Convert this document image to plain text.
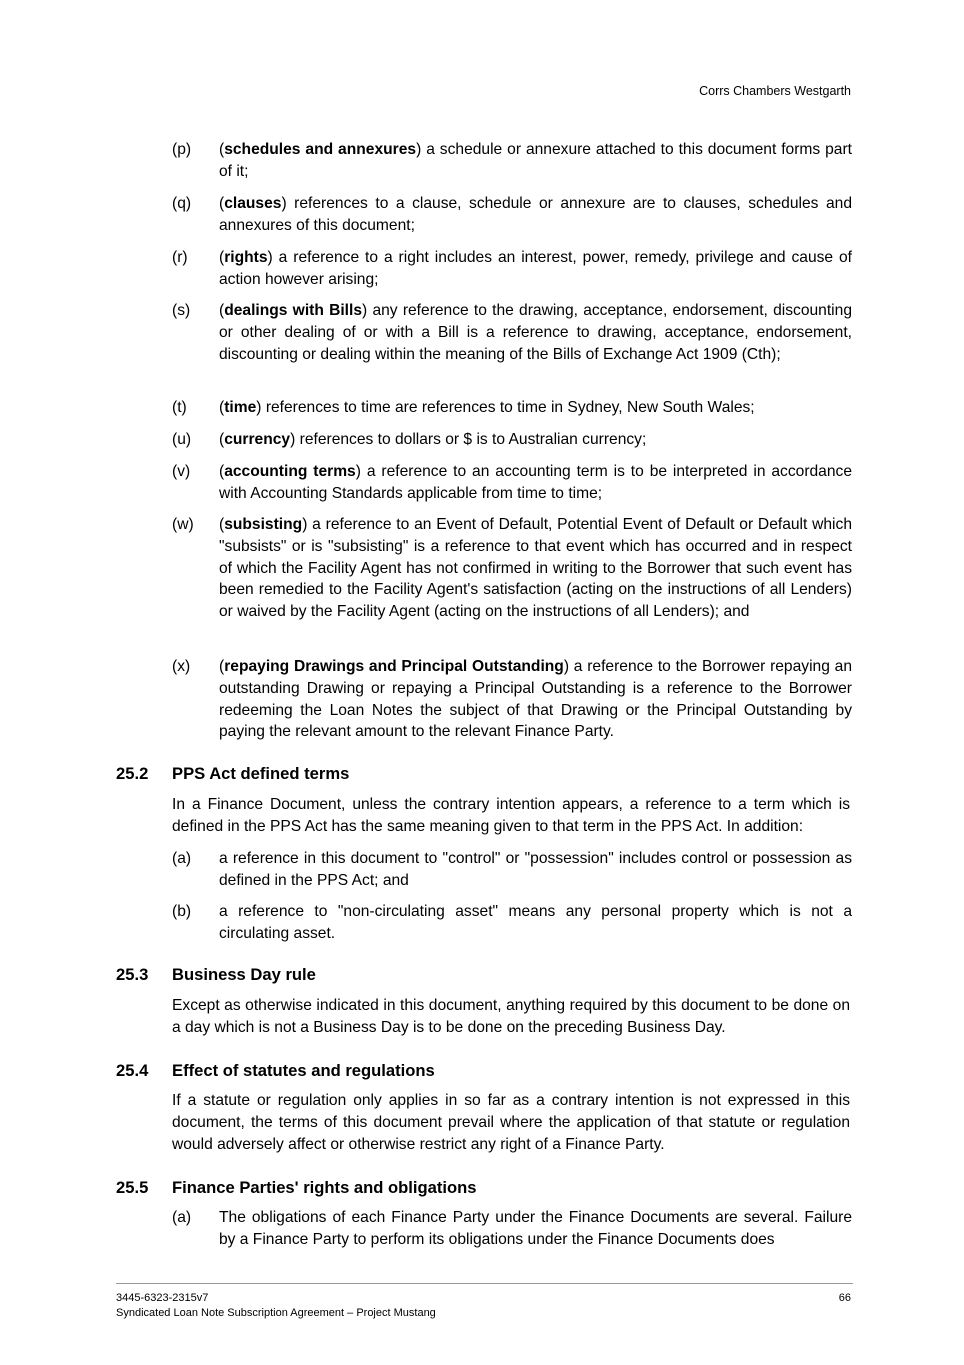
Corrs Chambers Westgarth
(p)	(schedules and annexures) a schedule or annexure attached to this document forms part of it;
(q)	(clauses) references to a clause, schedule or annexure are to clauses, schedules and annexures of this document;
(r)	(rights) a reference to a right includes an interest, power, remedy, privilege and cause of action however arising;
(s)	(dealings with Bills) any reference to the drawing, acceptance, endorsement, discounting or other dealing of or with a Bill is a reference to drawing, acceptance, endorsement, discounting or dealing within the meaning of the Bills of Exchange Act 1909 (Cth);
(t)	(time) references to time are references to time in Sydney, New South Wales;
(u)	(currency) references to dollars or $ is to Australian currency;
(v)	(accounting terms) a reference to an accounting term is to be interpreted in accordance with Accounting Standards applicable from time to time;
(w)	(subsisting) a reference to an Event of Default, Potential Event of Default or Default which "subsists" or is "subsisting" is a reference to that event which has occurred and in respect of which the Facility Agent has not confirmed in writing to the Borrower that such event has been remedied to the Facility Agent's satisfaction (acting on the instructions of all Lenders) or waived by the Facility Agent (acting on the instructions of all Lenders); and
(x)	(repaying Drawings and Principal Outstanding) a reference to the Borrower repaying an outstanding Drawing or repaying a Principal Outstanding is a reference to the Borrower redeeming the Loan Notes the subject of that Drawing or the Principal Outstanding by paying the relevant amount to the relevant Finance Party.
25.2 PPS Act defined terms
In a Finance Document, unless the contrary intention appears, a reference to a term which is defined in the PPS Act has the same meaning given to that term in the PPS Act. In addition:
(a)	a reference in this document to "control" or "possession" includes control or possession as defined in the PPS Act; and
(b)	a reference to "non-circulating asset" means any personal property which is not a circulating asset.
25.3 Business Day rule
Except as otherwise indicated in this document, anything required by this document to be done on a day which is not a Business Day is to be done on the preceding Business Day.
25.4 Effect of statutes and regulations
If a statute or regulation only applies in so far as a contrary intention is not expressed in this document, the terms of this document prevail where the application of that statute or regulation would adversely affect or otherwise restrict any right of a Finance Party.
25.5 Finance Parties' rights and obligations
(a)	The obligations of each Finance Party under the Finance Documents are several. Failure by a Finance Party to perform its obligations under the Finance Documents does
3445-6323-2315v7
Syndicated Loan Note Subscription Agreement – Project Mustang
66
